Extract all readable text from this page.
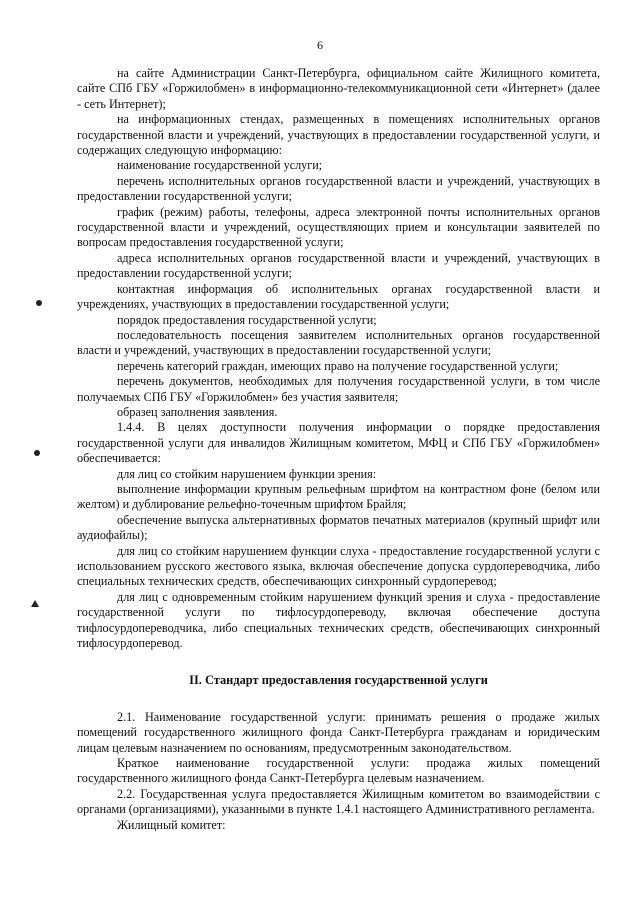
6

на сайте Администрации Санкт-Петербурга, официальном сайте Жилищного комитета, сайте СПб ГБУ «Горжилобмен» в информационно-телекоммуникационной сети «Интернет» (далее - сеть Интернет);

на информационных стендах, размещенных в помещениях исполнительных органов государственной власти и учреждений, участвующих в предоставлении государственной услуги, и содержащих следующую информацию:

наименование государственной услуги;

перечень исполнительных органов государственной власти и учреждений, участвующих в предоставлении государственной услуги;

график (режим) работы, телефоны, адреса электронной почты исполнительных органов государственной власти и учреждений, осуществляющих прием и консультации заявителей по вопросам предоставления государственной услуги;

адреса исполнительных органов государственной власти и учреждений, участвующих в предоставлении государственной услуги;

контактная информация об исполнительных органах государственной власти и учреждениях, участвующих в предоставлении государственной услуги;

порядок предоставления государственной услуги;

последовательность посещения заявителем исполнительных органов государственной власти и учреждений, участвующих в предоставлении государственной услуги;

перечень категорий граждан, имеющих право на получение государственной услуги;

перечень документов, необходимых для получения государственной услуги, в том числе получаемых СПб ГБУ «Горжилобмен» без участия заявителя;

образец заполнения заявления.

1.4.4. В целях доступности получения информации о порядке предоставления государственной услуги для инвалидов Жилищным комитетом, МФЦ и СПб ГБУ «Горжилобмен» обеспечивается:

для лиц со стойким нарушением функции зрения:

выполнение информации крупным рельефным шрифтом на контрастном фоне (белом или желтом) и дублирование рельефно-точечным шрифтом Брайля;

обеспечение выпуска альтернативных форматов печатных материалов (крупный шрифт или аудиофайлы);

для лиц со стойким нарушением функции слуха - предоставление государственной услуги с использованием русского жестового языка, включая обеспечение допуска сурдопереводчика, либо специальных технических средств, обеспечивающих синхронный сурдоперевод;

для лиц с одновременным стойким нарушением функций зрения и слуха - предоставление государственной услуги по тифлосурдопереводу, включая обеспечение доступа тифлосурдопереводчика, либо специальных технических средств, обеспечивающих синхронный тифлосурдоперевод.

II. Стандарт предоставления государственной услуги

2.1. Наименование государственной услуги: принимать решения о продаже жилых помещений государственного жилищного фонда Санкт-Петербурга гражданам и юридическим лицам целевым назначением по основаниям, предусмотренным законодательством.

Краткое наименование государственной услуги: продажа жилых помещений государственного жилищного фонда Санкт-Петербурга целевым назначением.

2.2. Государственная услуга предоставляется Жилищным комитетом во взаимодействии с органами (организациями), указанными в пункте 1.4.1 настоящего Административного регламента.

Жилищный комитет:
